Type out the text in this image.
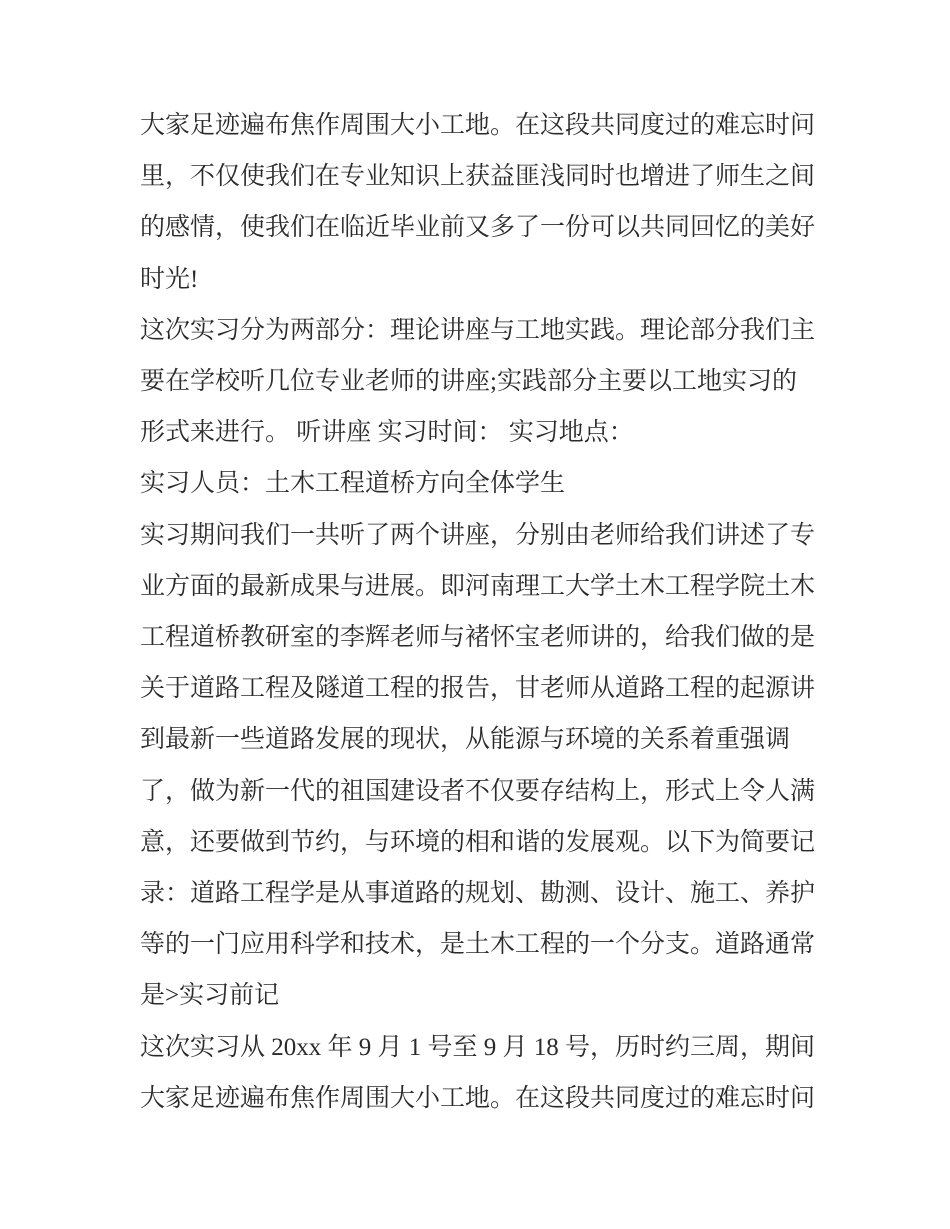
大家足迹遍布焦作周围大小工地。在这段共同度过的难忘时问
里，不仅使我们在专业知识上获益匪浅同时也增进了师生之间
的感情，使我们在临近毕业前又多了一份可以共同回忆的美好
时光!
这次实习分为两部分：理论讲座与工地实践。理论部分我们主
要在学校听几位专业老师的讲座;实践部分主要以工地实习的
形式来进行。 听讲座 实习时间： 实习地点：
实习人员：土木工程道桥方向全体学生
实习期问我们一共听了两个讲座，分别由老师给我们讲述了专
业方面的最新成果与进展。即河南理工大学土木工程学院土木
工程道桥教研室的李辉老师与褚怀宝老师讲的，给我们做的是
关于道路工程及隧道工程的报告，甘老师从道路工程的起源讲
到最新一些道路发展的现状，从能源与环境的关系着重强调
了，做为新一代的祖国建设者不仅要存结构上，形式上令人满
意，还要做到节约，与环境的相和谐的发展观。以下为简要记
录：道路工程学是从事道路的规划、勘测、设计、施工、养护
等的一门应用科学和技术，是土木工程的一个分支。道路通常
是>实习前记
这次实习从 20xx 年 9 月 1 号至 9 月 18 号，历时约三周，期间
大家足迹遍布焦作周围大小工地。在这段共同度过的难忘时问
